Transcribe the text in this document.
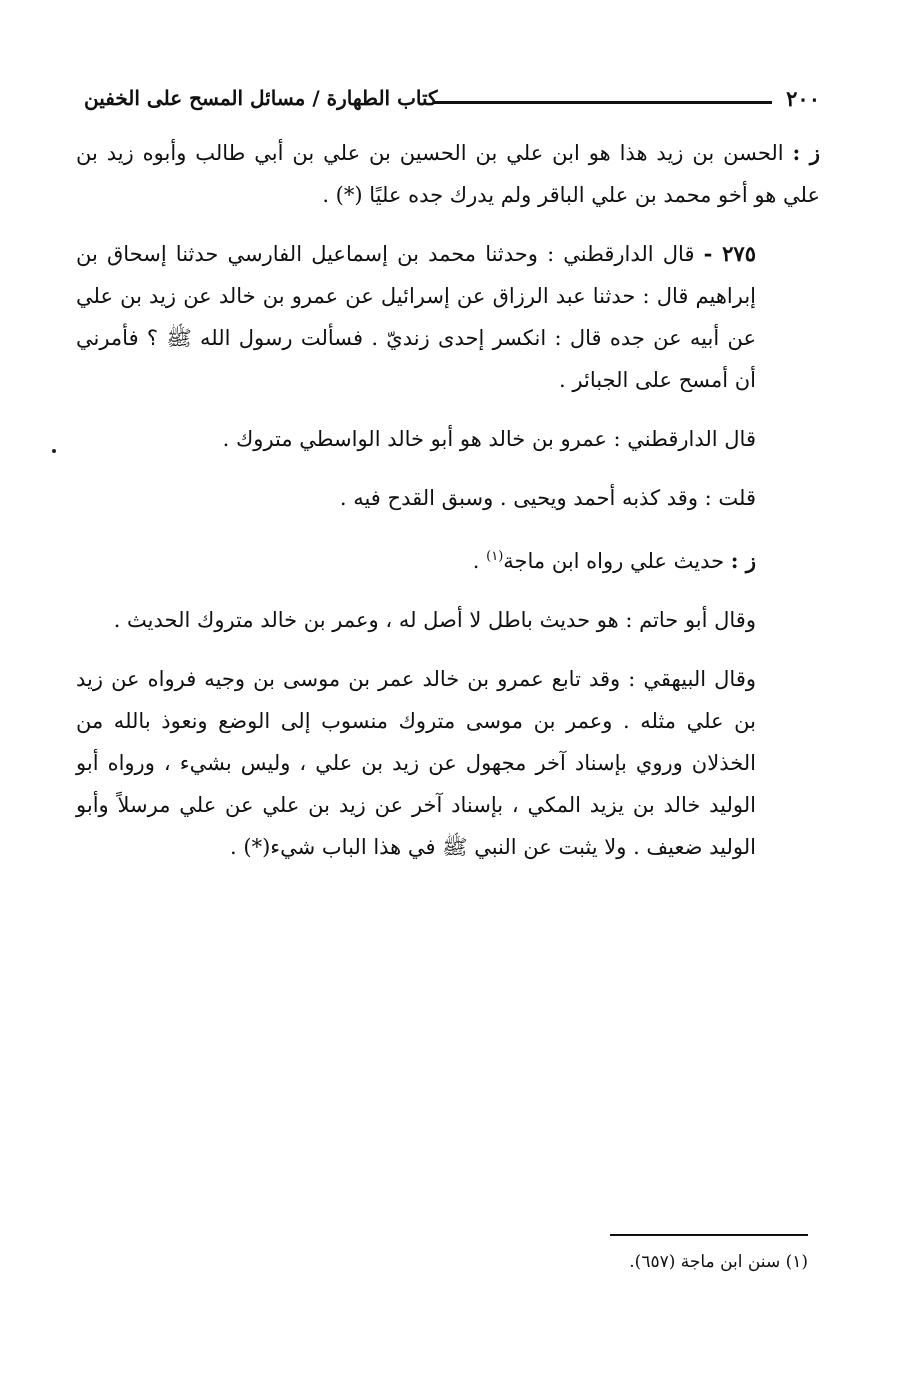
٢٠٠
كتاب الطهارة / مسائل المسح على الخفين

ز : الحسن بن زيد هذا هو ابن علي بن الحسين بن علي بن أبي طالب وأبوه زيد بن علي هو أخو محمد بن علي الباقر ولم يدرك جده عليًا (*) .

٢٧٥ - قال الدارقطني : وحدثنا محمد بن إسماعيل الفارسي حدثنا إسحاق بن إبراهيم قال : حدثنا عبد الرزاق عن إسرائيل عن عمرو بن خالد عن زيد بن علي عن أبيه عن جده قال : انكسر إحدى زنديّ . فسألت رسول الله ﷺ ؟ فأمرني أن أمسح على الجبائر .

قال الدارقطني : عمرو بن خالد هو أبو خالد الواسطي متروك .

قلت : وقد كذبه أحمد ويحيى . وسبق القدح فيه .

ز : حديث علي رواه ابن ماجة$^{(١)}$ .

وقال أبو حاتم : هو حديث باطل لا أصل له ، وعمر بن خالد متروك الحديث .

وقال البيهقي : وقد تابع عمرو بن خالد عمر بن موسى بن وجيه فرواه عن زيد بن علي مثله . وعمر بن موسى متروك منسوب إلى الوضع ونعوذ بالله من الخذلان وروي بإسناد آخر مجهول عن زيد بن علي ، وليس بشيء ، ورواه أبو الوليد خالد بن يزيد المكي ، بإسناد آخر عن زيد بن علي عن علي مرسلاً وأبو الوليد ضعيف . ولا يثبت عن النبي ﷺ في هذا الباب شيء(*) .

(١) سنن ابن ماجة (٦٥٧).
